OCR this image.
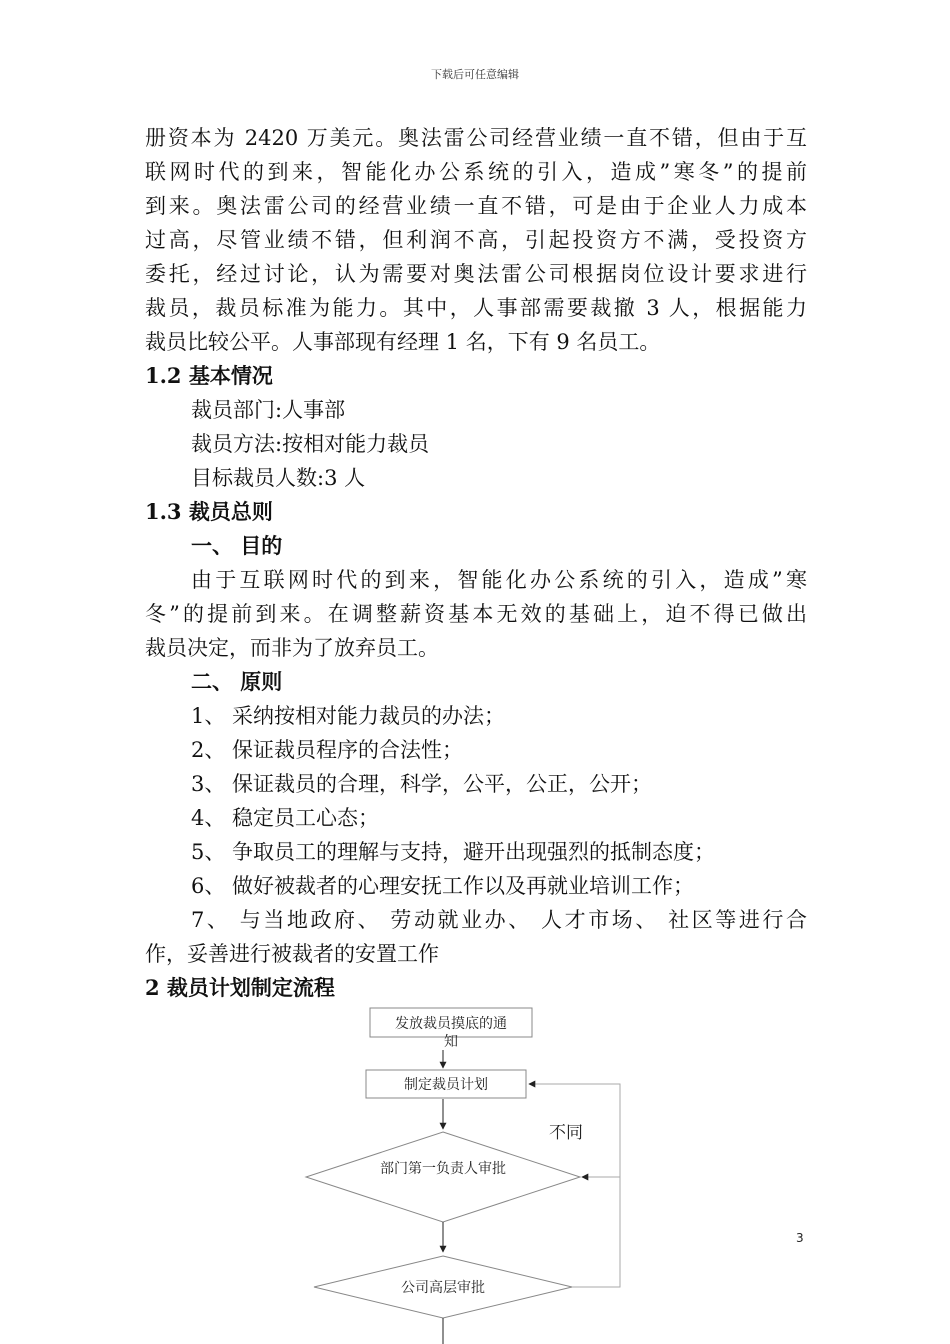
下载后可任意编辑
册资本为 2420 万美元。奥法雷公司经营业绩一直不错，但由于互
联网时代的到来，智能化办公系统的引入，造成”寒冬”的提前
到来。奥法雷公司的经营业绩一直不错，可是由于企业人力成本
过高，尽管业绩不错，但利润不高，引起投资方不满，受投资方
委托，经过讨论，认为需要对奥法雷公司根据岗位设计要求进行
裁员，裁员标准为能力。其中，人事部需要裁撤 3 人，根据能力
裁员比较公平。人事部现有经理 1 名，下有 9 名员工。
1.2 基本情况
裁员部门:人事部
裁员方法:按相对能力裁员
目标裁员人数:3 人
1.3 裁员总则
一、 目的
由于互联网时代的到来，智能化办公系统的引入，造成”寒
冬”的提前到来。在调整薪资基本无效的基础上，迫不得已做出
裁员决定，而非为了放弃员工。
二、 原则
1、 采纳按相对能力裁员的办法；
2、 保证裁员程序的合法性；
3、 保证裁员的合理，科学，公平，公正，公开；
4、 稳定员工心态；
5、 争取员工的理解与支持，避开出现强烈的抵制态度；
6、 做好被裁者的心理安抚工作以及再就业培训工作；
7、 与当地政府、 劳动就业办、 人才市场、 社区等进行合
作，妥善进行被裁者的安置工作
2 裁员计划制定流程
发放裁员摸底的通
知
制定裁员计划
部门第一负责人审批
不同
公司高层审批
3
